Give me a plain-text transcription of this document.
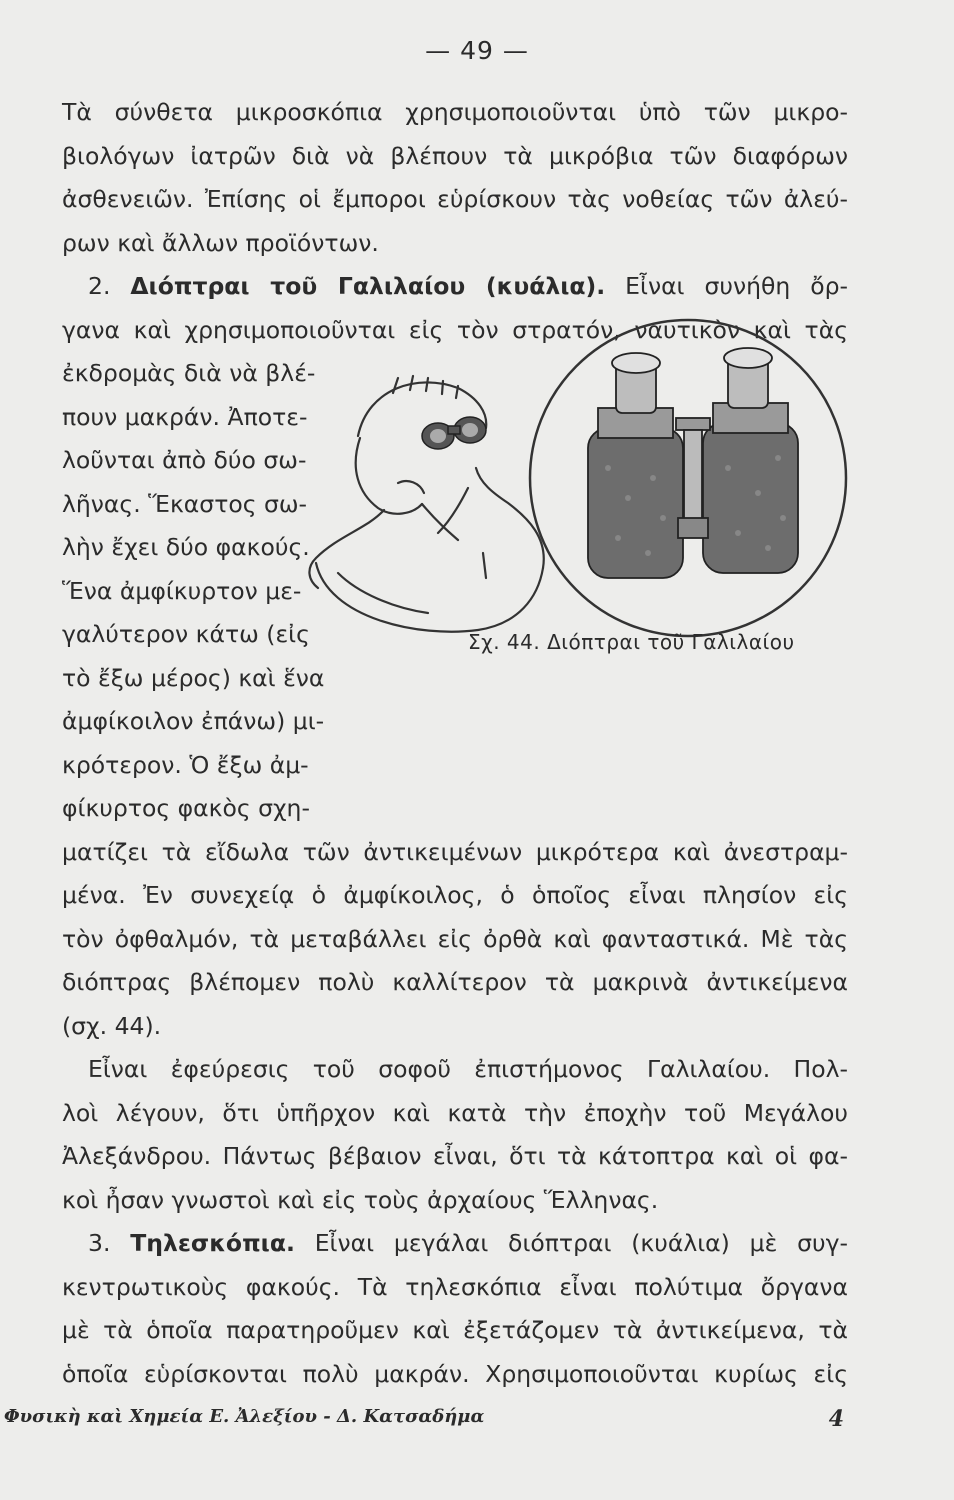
— 49 —
Τὰ σύνθετα μικροσκόπια χρησιμοποιοῦνται ὑπὸ τῶν μικρο-
βιολόγων ἰατρῶν διὰ νὰ βλέπουν τὰ μικρόβια τῶν διαφόρων
ἀσθενειῶν. Ἐπίσης οἱ ἔμποροι εὑρίσκουν τὰς νοθείας τῶν ἀλεύ-
ρων καὶ ἄλλων προϊόντων.
2. Διόπτραι τοῦ Γαλιλαίου (κυάλια). Εἶναι συνήθη ὄρ-
γανα καὶ χρησιμοποιοῦνται εἰς τὸν στρατόν, ναυτικὸν καὶ τὰς
ἐκδρομὰς διὰ νὰ βλέ-
πουν μακράν. Ἀποτε-
λοῦνται ἀπὸ δύο σω-
λῆνας. Ἕκαστος σω-
λὴν ἔχει δύο φακούς.
Ἕνα ἀμφίκυρτον με-
γαλύτερον κάτω (εἰς
τὸ ἔξω μέρος) καὶ ἕνα
ἀμφίκοιλον ἐπάνω) μι-
κρότερον. Ὁ ἔξω ἀμ-
φίκυρτος φακὸς σχη-
Σχ. 44. Διόπτραι τοῦ Γαλιλαίου
ματίζει τὰ εἴδωλα τῶν ἀντικειμένων μικρότερα καὶ ἀνεστραμ-
μένα. Ἐν συνεχείᾳ ὁ ἀμφίκοιλος, ὁ ὁποῖος εἶναι πλησίον εἰς
τὸν ὀφθαλμόν, τὰ μεταβάλλει εἰς ὀρθὰ καὶ φανταστικά. Μὲ τὰς
διόπτρας βλέπομεν πολὺ καλλίτερον τὰ μακρινὰ ἀντικείμενα
(σχ. 44).
Εἶναι ἐφεύρεσις τοῦ σοφοῦ ἐπιστήμονος Γαλιλαίου. Πολ-
λοὶ λέγουν, ὅτι ὑπῆρχον καὶ κατὰ τὴν ἐποχὴν τοῦ Μεγάλου
Ἀλεξάνδρου. Πάντως βέβαιον εἶναι, ὅτι τὰ κάτοπτρα καὶ οἱ φα-
κοὶ ἦσαν γνωστοὶ καὶ εἰς τοὺς ἀρχαίους Ἕλληνας.
3. Τηλεσκόπια. Εἶναι μεγάλαι διόπτραι (κυάλια) μὲ συγ-
κεντρωτικοὺς φακούς. Τὰ τηλεσκόπια εἶναι πολύτιμα ὄργανα
μὲ τὰ ὁποῖα παρατηροῦμεν καὶ ἐξετάζομεν τὰ ἀντικείμενα, τὰ
ὁποῖα εὑρίσκονται πολὺ μακράν. Χρησιμοποιοῦνται κυρίως εἰς
Φυσικὴ καὶ Χημεία Ε. Ἀλεξίου - Δ. Κατσαδήμα	4
